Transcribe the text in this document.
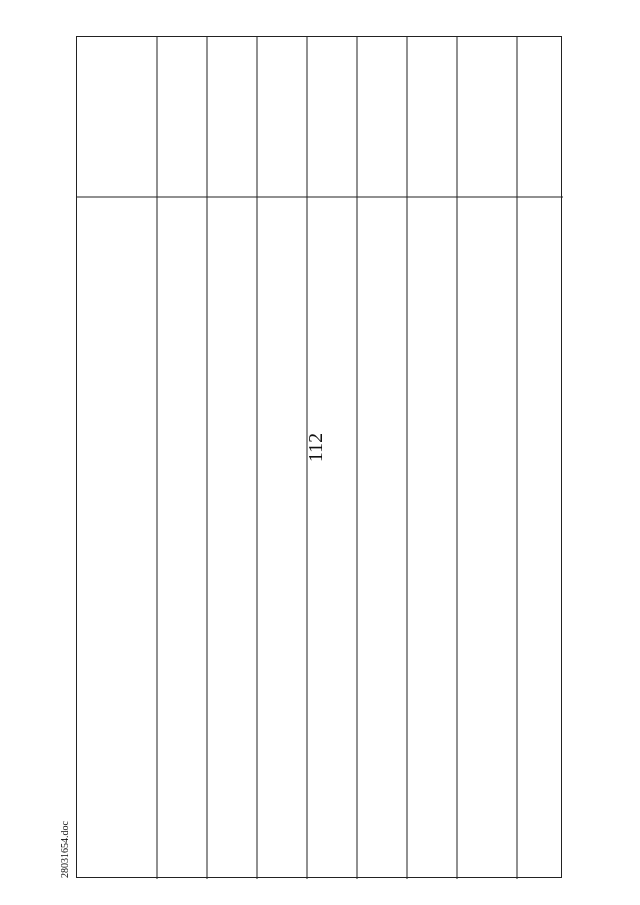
112
28031654.doc
